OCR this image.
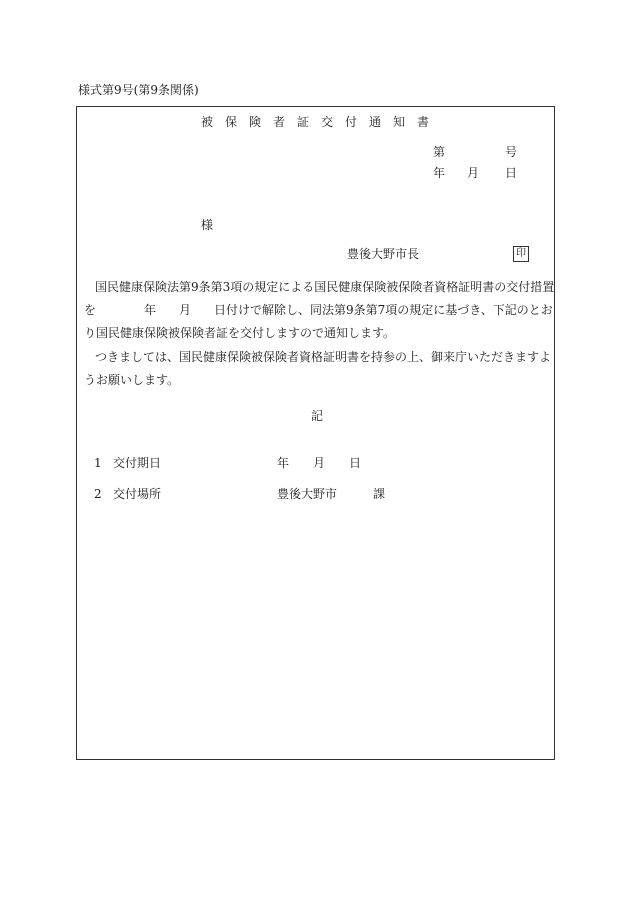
様式第9号(第9条関係)
被保険者証交付通知書
第	号
年 月 日
様
豊後大野市長	印
国民健康保険法第9条第3項の規定による国民健康保険被保険者資格証明書の交付措置
を	年 月 日付けで解除し、同法第9条第7項の規定に基づき、下記のとお
り国民健康保険被保険者証を交付しますので通知します。
つきましては、国民健康保険被保険者資格証明書を持参の上、御来庁いただきますよ
うお願いします。
記
1 交付期日	年 月 日
2 交付場所	豊後大野市	課
